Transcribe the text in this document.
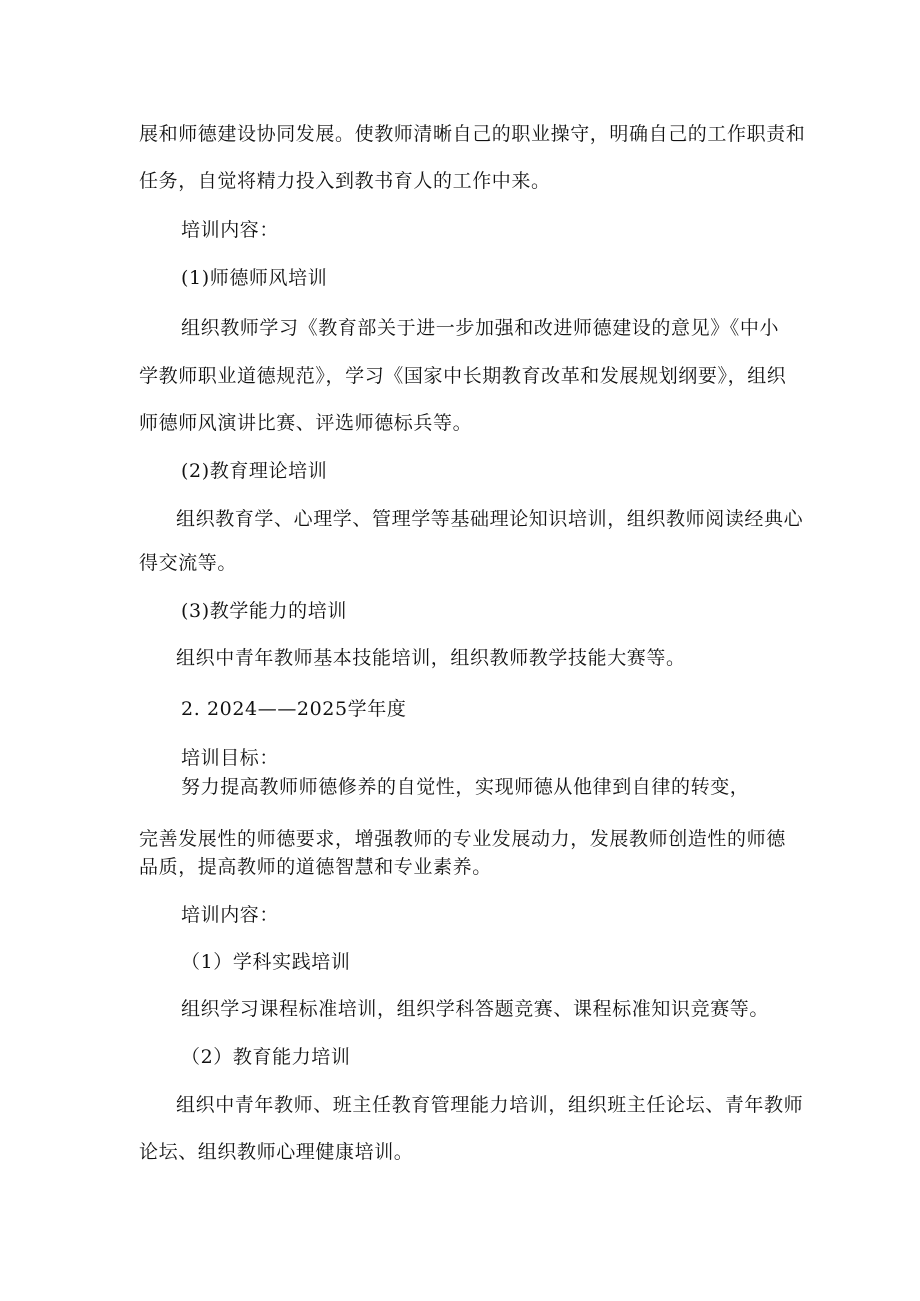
展和师德建设协同发展。使教师清晰自己的职业操守，明确自己的工作职责和
任务，自觉将精力投入到教书育人的工作中来。
培训内容：
(1)师德师风培训
组织教师学习《教育部关于进一步加强和改进师德建设的意见》《中小
学教师职业道德规范》，学习《国家中长期教育改革和发展规划纲要》，组织
师德师风演讲比赛、评选师德标兵等。
(2)教育理论培训
组织教育学、心理学、管理学等基础理论知识培训，组织教师阅读经典心
得交流等。
(3)教学能力的培训
组织中青年教师基本技能培训，组织教师教学技能大赛等。
2. 2024——2025学年度
培训目标：
努力提高教师师德修养的自觉性，实现师德从他律到自律的转变，
完善发展性的师德要求，增强教师的专业发展动力，发展教师创造性的师德
品质，提高教师的道德智慧和专业素养。
培训内容：
（1）学科实践培训
组织学习课程标准培训，组织学科答题竞赛、课程标准知识竞赛等。
（2）教育能力培训
组织中青年教师、班主任教育管理能力培训，组织班主任论坛、青年教师
论坛、组织教师心理健康培训。
